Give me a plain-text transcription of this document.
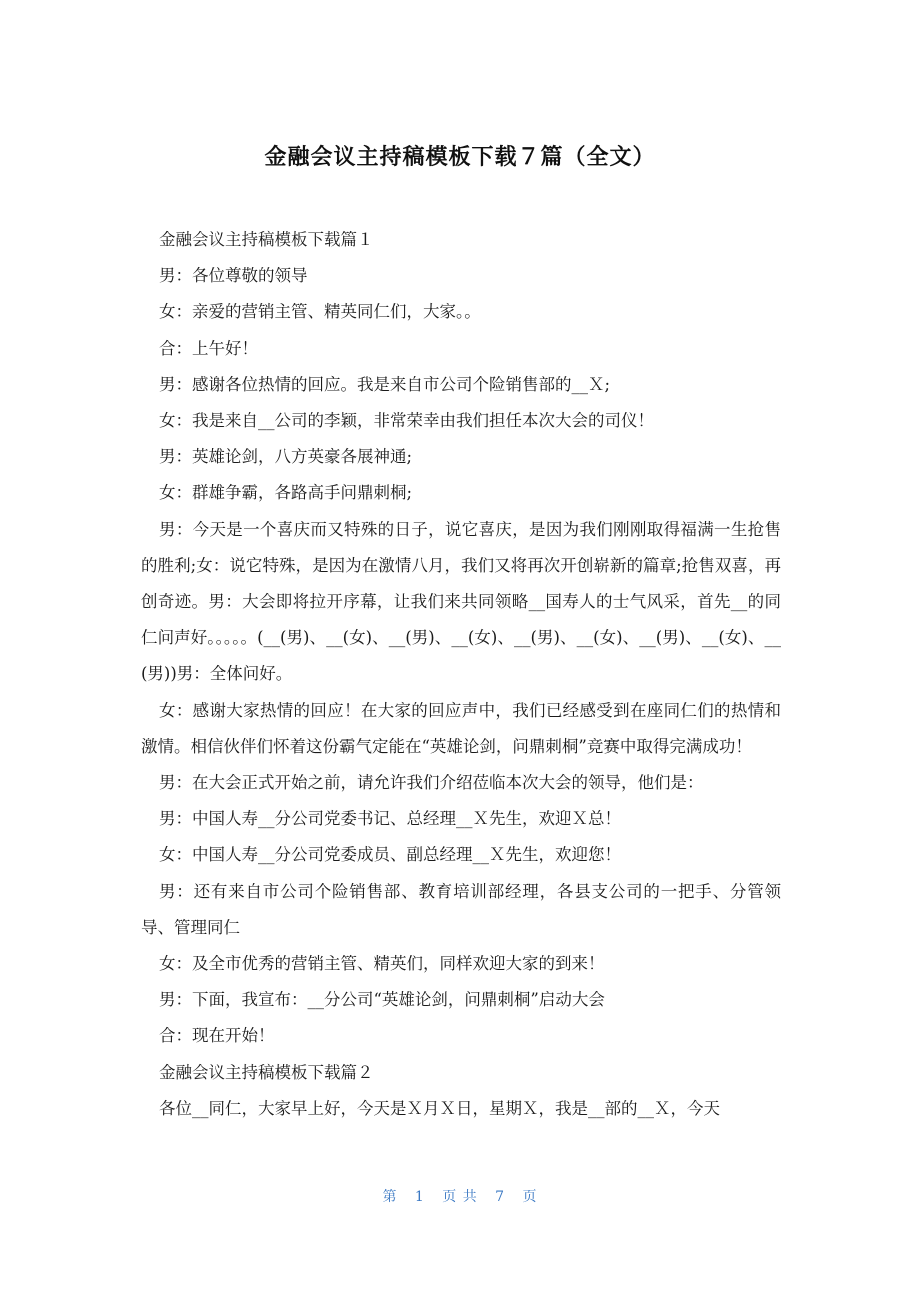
金融会议主持稿模板下载７篇（全文）

金融会议主持稿模板下载篇１

男：各位尊敬的领导

女：亲爱的营销主管、精英同仁们，大家。。

合：上午好！

男：感谢各位热情的回应。我是来自市公司个险销售部的__Ｘ;

女：我是来自__公司的李颖，非常荣幸由我们担任本次大会的司仪！

男：英雄论剑，八方英豪各展神通;

女：群雄争霸，各路高手问鼎刺桐;

男：今天是一个喜庆而又特殊的日子，说它喜庆，是因为我们刚刚取得福满一生抢售的胜利;女：说它特殊，是因为在激情八月，我们又将再次开创崭新的篇章;抢售双喜，再创奇迹。男：大会即将拉开序幕，让我们来共同领略__国寿人的士气风采，首先__的同仁问声好。。。。。(__(男)、__(女)、__(男)、__(女)、__(男)、__(女)、__(男)、__(女)、__(男))男：全体问好。

女：感谢大家热情的回应！在大家的回应声中，我们已经感受到在座同仁们的热情和激情。相信伙伴们怀着这份霸气定能在“英雄论剑，问鼎刺桐”竞赛中取得完满成功！

男：在大会正式开始之前，请允许我们介绍莅临本次大会的领导，他们是：

男：中国人寿__分公司党委书记、总经理__Ｘ先生，欢迎Ｘ总！

女：中国人寿__分公司党委成员、副总经理__Ｘ先生，欢迎您！

男：还有来自市公司个险销售部、教育培训部经理，各县支公司的一把手、分管领导、管理同仁

女：及全市优秀的营销主管、精英们，同样欢迎大家的到来！

男：下面，我宣布：__分公司“英雄论剑，问鼎刺桐”启动大会

合：现在开始！

金融会议主持稿模板下载篇２

各位__同仁，大家早上好，今天是Ｘ月Ｘ日，星期Ｘ，我是__部的__Ｘ，今天

第 1 页 共 7 页
